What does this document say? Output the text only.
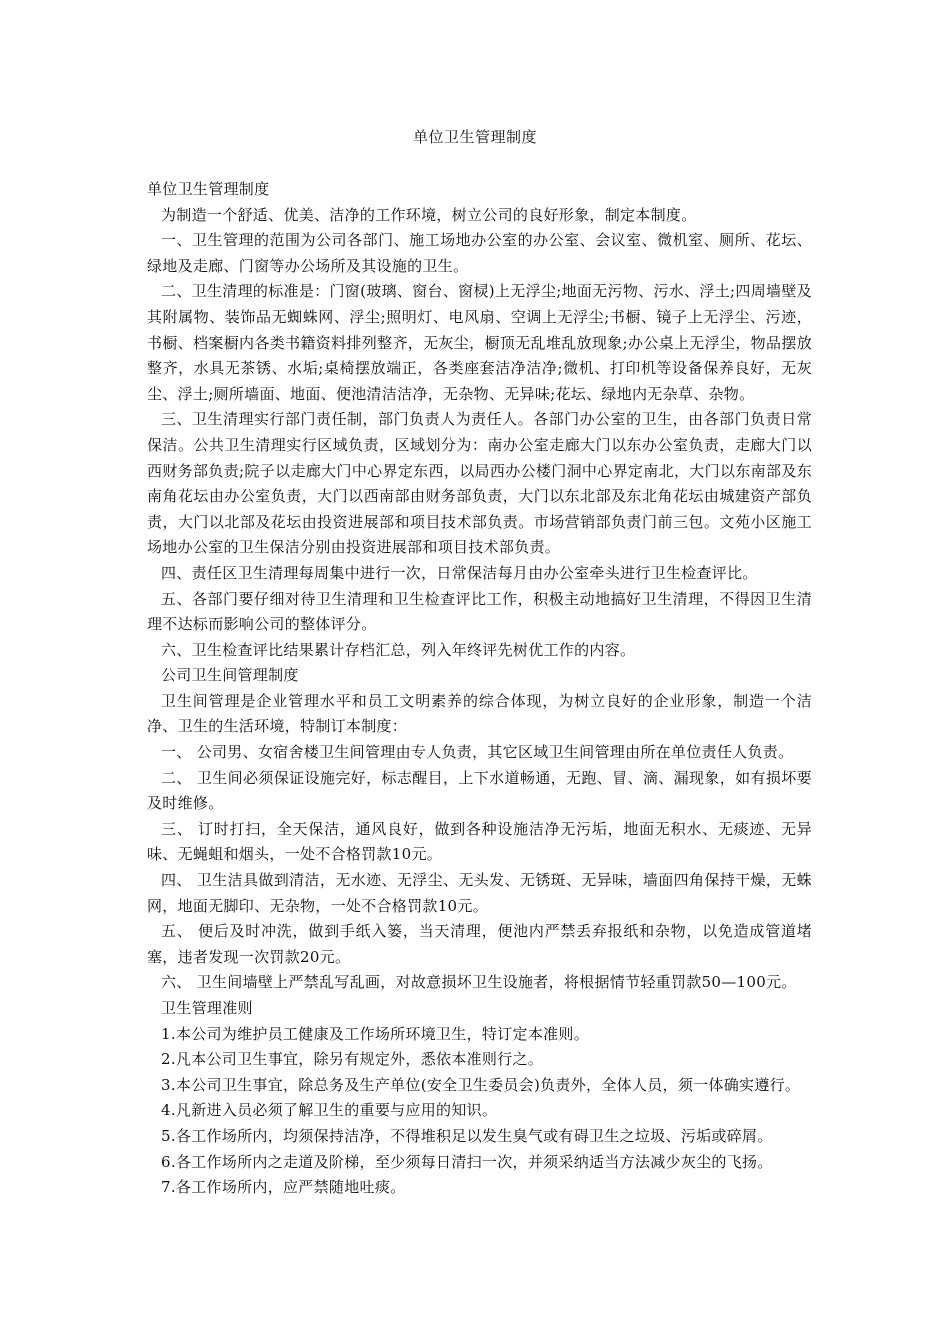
单位卫生管理制度

单位卫生管理制度

为制造一个舒适、优美、洁净的工作环境，树立公司的良好形象，制定本制度。

一、卫生管理的范围为公司各部门、施工场地办公室的办公室、会议室、微机室、厕所、花坛、绿地及走廊、门窗等办公场所及其设施的卫生。

二、卫生清理的标准是：门窗(玻璃、窗台、窗棂)上无浮尘;地面无污物、污水、浮土;四周墙壁及其附属物、装饰品无蜘蛛网、浮尘;照明灯、电风扇、空调上无浮尘;书橱、镜子上无浮尘、污迹，书橱、档案橱内各类书籍资料排列整齐，无灰尘，橱顶无乱堆乱放现象;办公桌上无浮尘，物品摆放整齐，水具无茶锈、水垢;桌椅摆放端正，各类座套洁净洁净;微机、打印机等设备保养良好，无灰尘、浮土;厕所墙面、地面、便池清洁洁净，无杂物、无异味;花坛、绿地内无杂草、杂物。

三、卫生清理实行部门责任制，部门负责人为责任人。各部门办公室的卫生，由各部门负责日常保洁。公共卫生清理实行区域负责，区域划分为：南办公室走廊大门以东办公室负责，走廊大门以西财务部负责;院子以走廊大门中心界定东西，以局西办公楼门洞中心界定南北，大门以东南部及东南角花坛由办公室负责，大门以西南部由财务部负责，大门以东北部及东北角花坛由城建资产部负责，大门以北部及花坛由投资进展部和项目技术部负责。市场营销部负责门前三包。文苑小区施工场地办公室的卫生保洁分别由投资进展部和项目技术部负责。

四、责任区卫生清理每周集中进行一次，日常保洁每月由办公室牵头进行卫生检查评比。

五、各部门要仔细对待卫生清理和卫生检查评比工作，积极主动地搞好卫生清理，不得因卫生清理不达标而影响公司的整体评分。

六、卫生检查评比结果累计存档汇总，列入年终评先树优工作的内容。

公司卫生间管理制度

卫生间管理是企业管理水平和员工文明素养的综合体现，为树立良好的企业形象，制造一个洁净、卫生的生活环境，特制订本制度：

一、 公司男、女宿舍楼卫生间管理由专人负责，其它区域卫生间管理由所在单位责任人负责。

二、 卫生间必须保证设施完好，标志醒目，上下水道畅通，无跑、冒、滴、漏现象，如有损坏要及时维修。

三、 订时打扫，全天保洁，通风良好，做到各种设施洁净无污垢，地面无积水、无痰迹、无异味、无蝇蛆和烟头，一处不合格罚款10元。

四、 卫生洁具做到清洁，无水迹、无浮尘、无头发、无锈斑、无异味，墙面四角保持干燥，无蛛网，地面无脚印、无杂物，一处不合格罚款10元。

五、 便后及时冲洗，做到手纸入篓，当天清理，便池内严禁丢弃报纸和杂物，以免造成管道堵塞，违者发现一次罚款20元。

六、 卫生间墙壁上严禁乱写乱画，对故意损坏卫生设施者，将根据情节轻重罚款50—100元。

卫生管理准则

1.本公司为维护员工健康及工作场所环境卫生，特订定本准则。

2.凡本公司卫生事宜，除另有规定外，悉依本准则行之。

3.本公司卫生事宜，除总务及生产单位(安全卫生委员会)负责外，全体人员，须一体确实遵行。

4.凡新进入员必须了解卫生的重要与应用的知识。

5.各工作场所内，均须保持洁净，不得堆积足以发生臭气或有碍卫生之垃圾、污垢或碎屑。

6.各工作场所内之走道及阶梯，至少须每日清扫一次，并须采纳适当方法减少灰尘的飞扬。

7.各工作场所内，应严禁随地吐痰。
